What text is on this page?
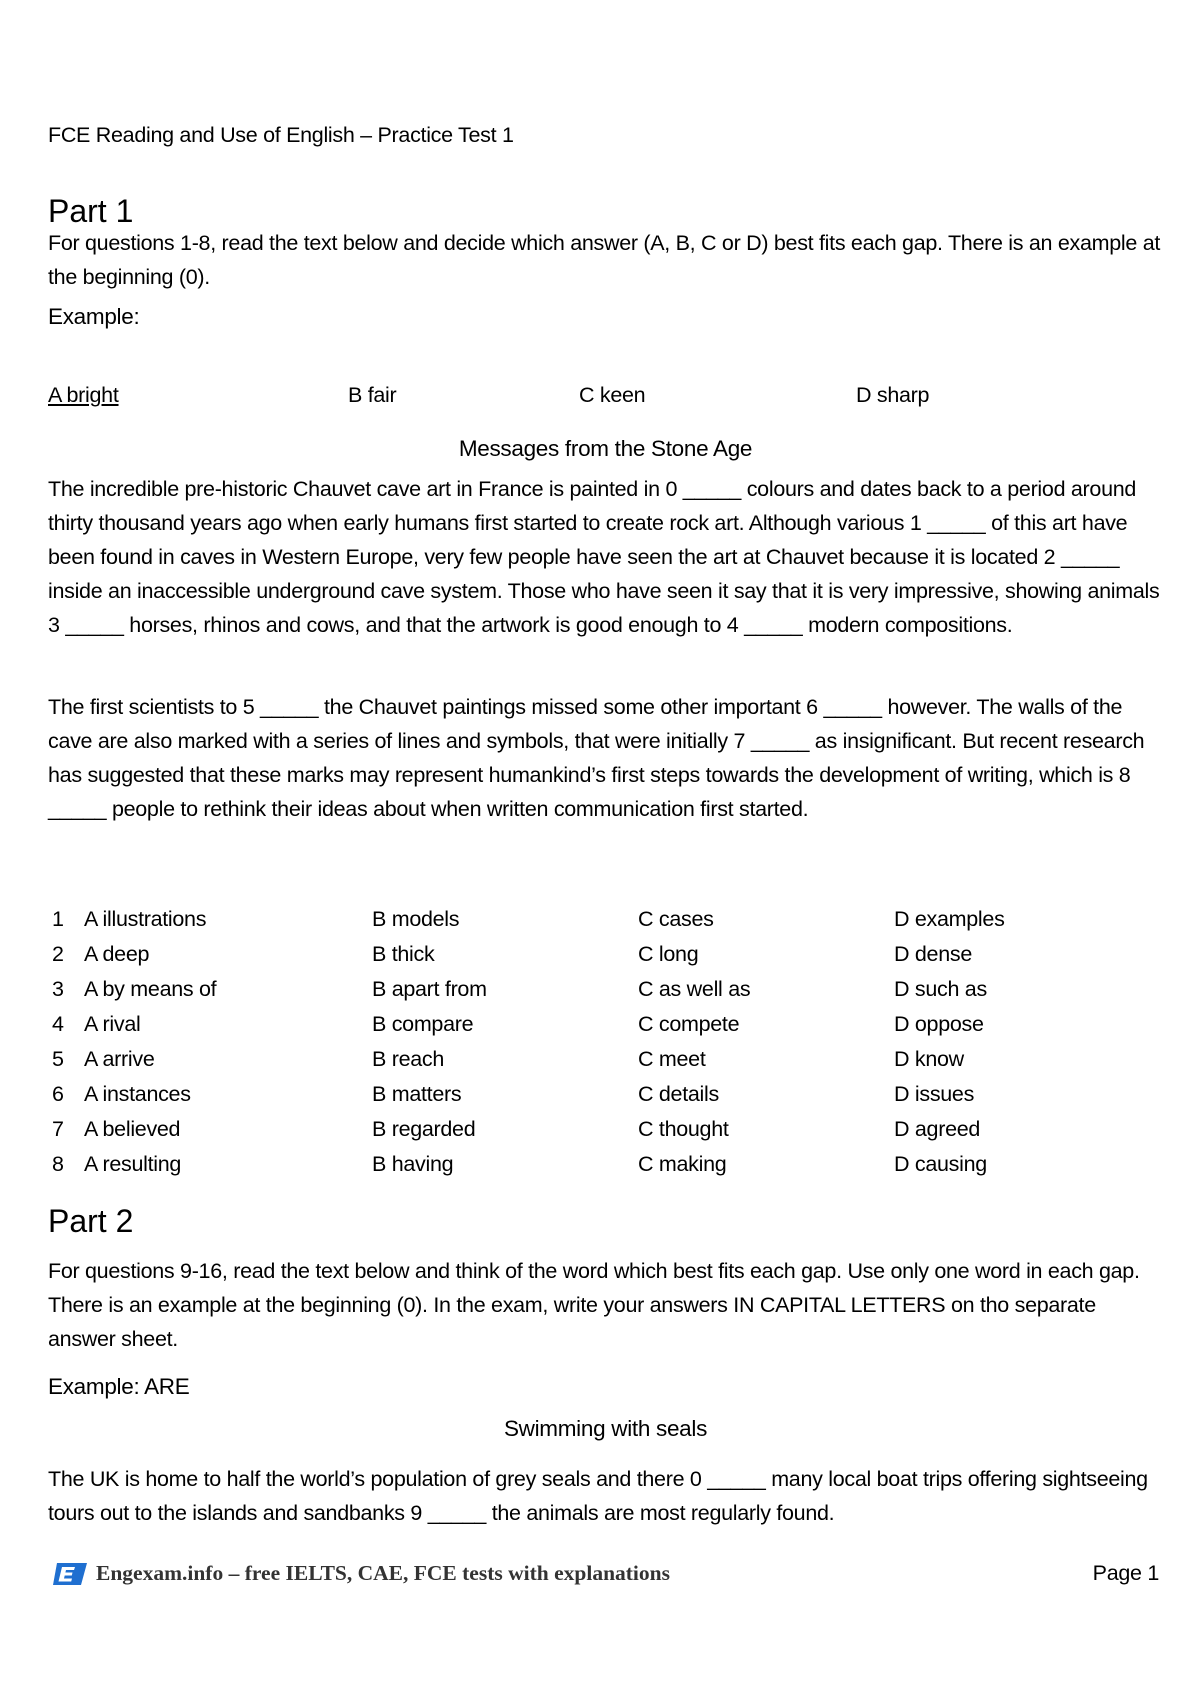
FCE Reading and Use of English – Practice Test 1
Part 1
For questions 1-8, read the text below and decide which answer (A, B, C or D) best fits each gap. There is an example at the beginning (0).
Example:
A bright	B fair	C keen	D sharp
Messages from the Stone Age
The incredible pre-historic Chauvet cave art in France is painted in 0 _____ colours and dates back to a period around thirty thousand years ago when early humans first started to create rock art. Although various 1 _____ of this art have been found in caves in Western Europe, very few people have seen the art at Chauvet because it is located 2 _____ inside an inaccessible underground cave system. Those who have seen it say that it is very impressive, showing animals 3 _____ horses, rhinos and cows, and that the artwork is good enough to 4 _____ modern compositions.
The first scientists to 5 _____ the Chauvet paintings missed some other important 6 _____ however. The walls of the cave are also marked with a series of lines and symbols, that were initially 7 _____ as insignificant. But recent research has suggested that these marks may represent humankind’s first steps towards the development of writing, which is 8 _____ people to rethink their ideas about when written communication first started.
1 A illustrations	B models	C cases	D examples
2 A deep	B thick	C long	D dense
3 A by means of	B apart from	C as well as	D such as
4 A rival	B compare	C compete	D oppose
5 A arrive	B reach	C meet	D know
6 A instances	B matters	C details	D issues
7 A believed	B regarded	C thought	D agreed
8 A resulting	B having	C making	D causing
Part 2
For questions 9-16, read the text below and think of the word which best fits each gap. Use only one word in each gap. There is an example at the beginning (0). In the exam, write your answers IN CAPITAL LETTERS on tho separate answer sheet.
Example: ARE
Swimming with seals
The UK is home to half the world’s population of grey seals and there 0 _____ many local boat trips offering sightseeing tours out to the islands and sandbanks 9 _____ the animals are most regularly found.
Engexam.info – free IELTS, CAE, FCE tests with explanations	Page 1
